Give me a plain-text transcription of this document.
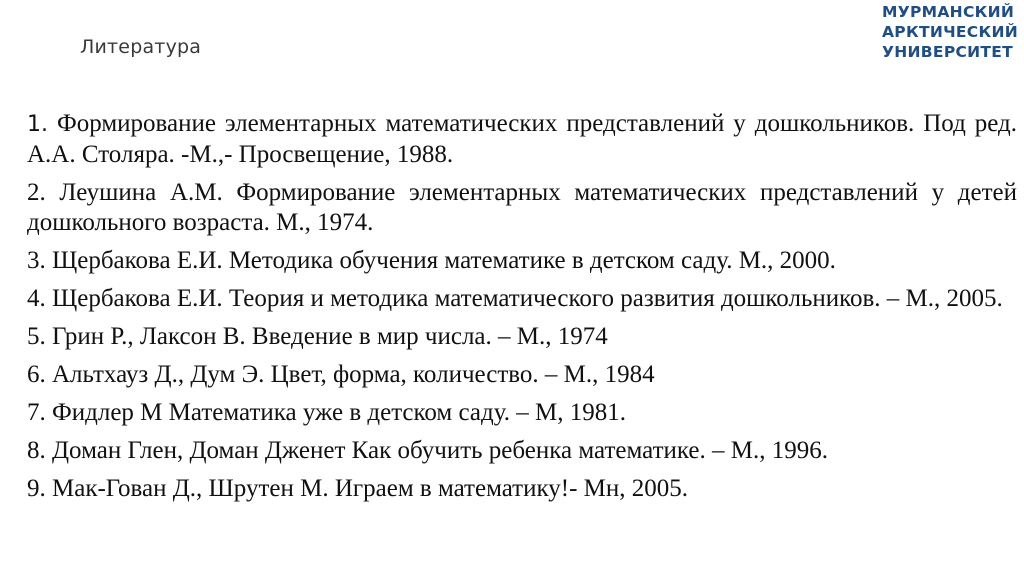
Литература
МУРМАНСКИЙ
АРКТИЧЕСКИЙ
УНИВЕРСИТЕТ
1. Формирование элементарных математических представлений у дошкольников. Под ред. А.А. Столяра. -М.,- Просвещение, 1988.
2. Леушина А.М. Формирование элементарных математических представлений у детей дошкольного возраста. М., 1974.
3. Щербакова Е.И. Методика обучения математике в детском саду. М., 2000.
4. Щербакова Е.И. Теория и методика математического развития дошкольников. – М., 2005.
5. Грин Р., Лаксон В. Введение в мир числа. – М., 1974
6. Альтхауз Д., Дум Э. Цвет, форма, количество. – М., 1984
7. Фидлер М Математика уже в детском саду. – М, 1981.
8. Доман Глен, Доман Дженет Как обучить ребенка математике. – М., 1996.
9. Мак-Гован Д., Шрутен М. Играем в математику!- Мн, 2005.
